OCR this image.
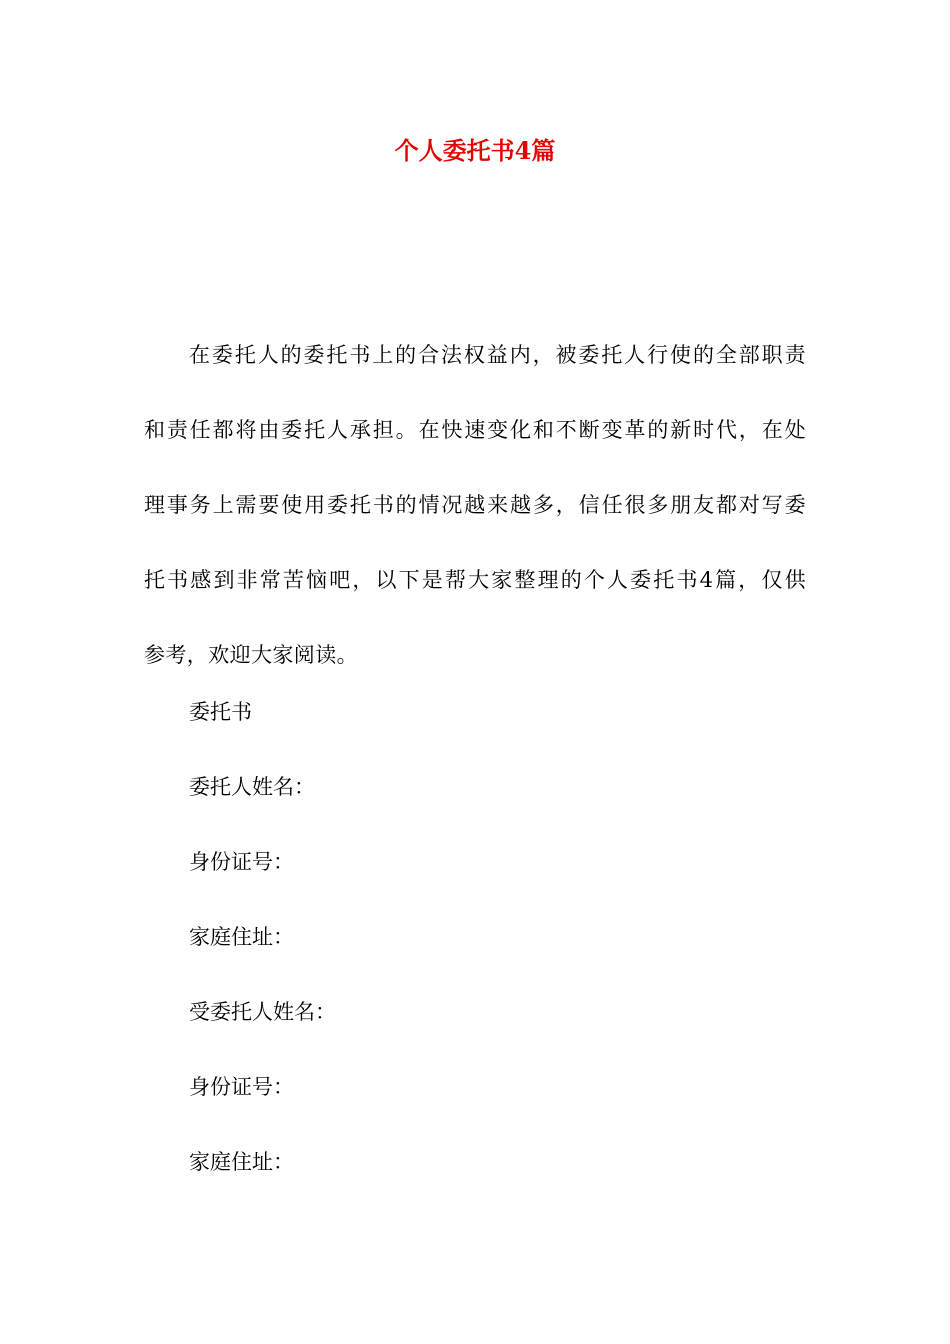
个人委托书4篇
在委托人的委托书上的合法权益内，被委托人行使的全部职责
和责任都将由委托人承担。在快速变化和不断变革的新时代，在处
理事务上需要使用委托书的情况越来越多，信任很多朋友都对写委
托书感到非常苦恼吧，以下是帮大家整理的个人委托书4篇，仅供
参考，欢迎大家阅读。
委托书
委托人姓名：
身份证号：
家庭住址：
受委托人姓名：
身份证号：
家庭住址：
